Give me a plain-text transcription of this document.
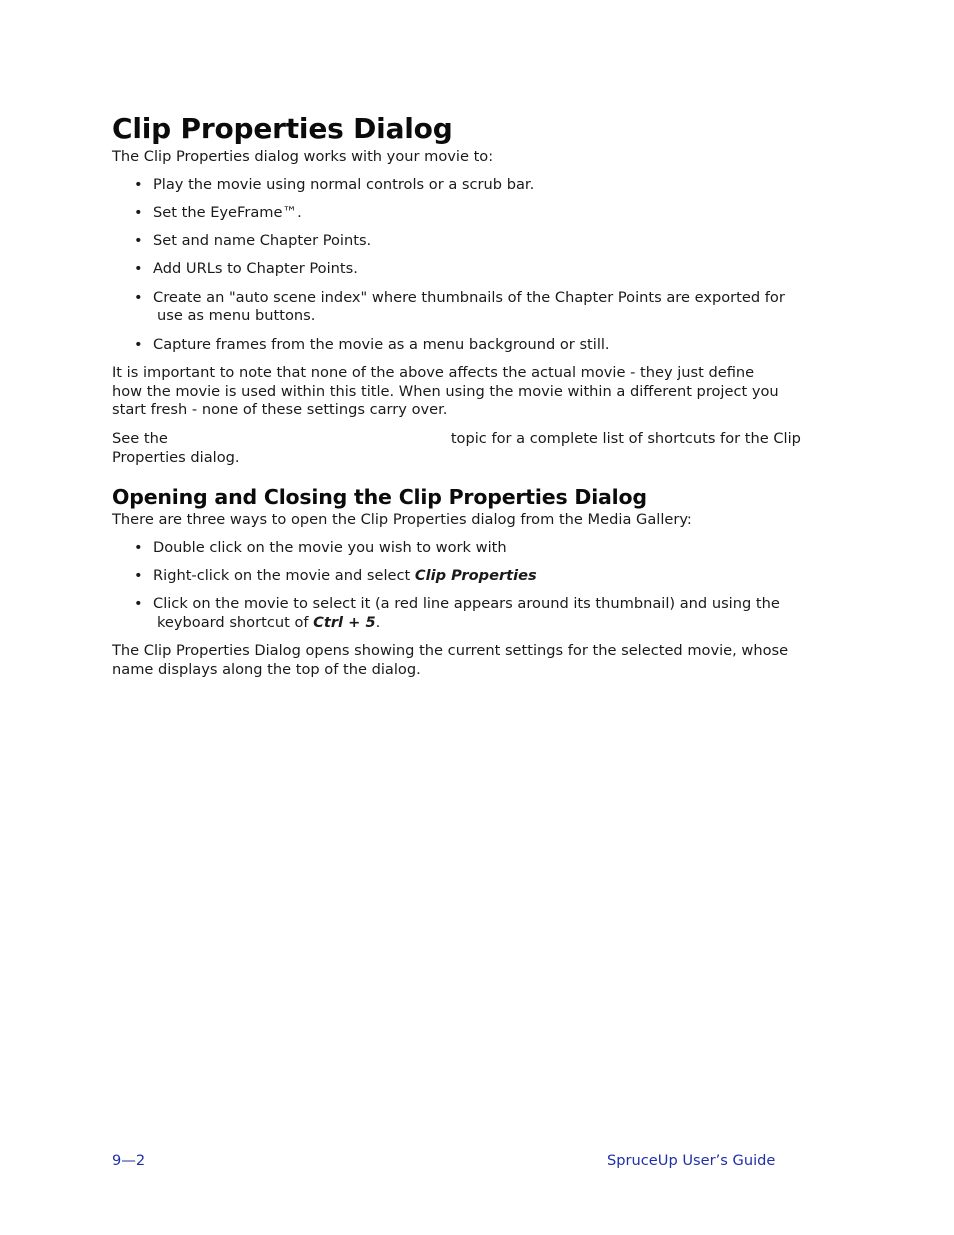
Clip Properties Dialog

The Clip Properties dialog works with your movie to:

• Play the movie using normal controls or a scrub bar.
• Set the EyeFrame™.
• Set and name Chapter Points.
• Add URLs to Chapter Points.
• Create an "auto scene index" where thumbnails of the Chapter Points are exported for
use as menu buttons.
• Capture frames from the movie as a menu background or still.

It is important to note that none of the above affects the actual movie - they just define
how the movie is used within this title. When using the movie within a different project you
start fresh - none of these settings carry over.

See the	topic for a complete list of shortcuts for the Clip
Properties dialog.

Opening and Closing the Clip Properties Dialog

There are three ways to open the Clip Properties dialog from the Media Gallery:

• Double click on the movie you wish to work with
• Right-click on the movie and select Clip Properties
• Click on the movie to select it (a red line appears around its thumbnail) and using the
keyboard shortcut of Ctrl + 5.

The Clip Properties Dialog opens showing the current settings for the selected movie, whose
name displays along the top of the dialog.

9—2	SpruceUp User’s Guide
